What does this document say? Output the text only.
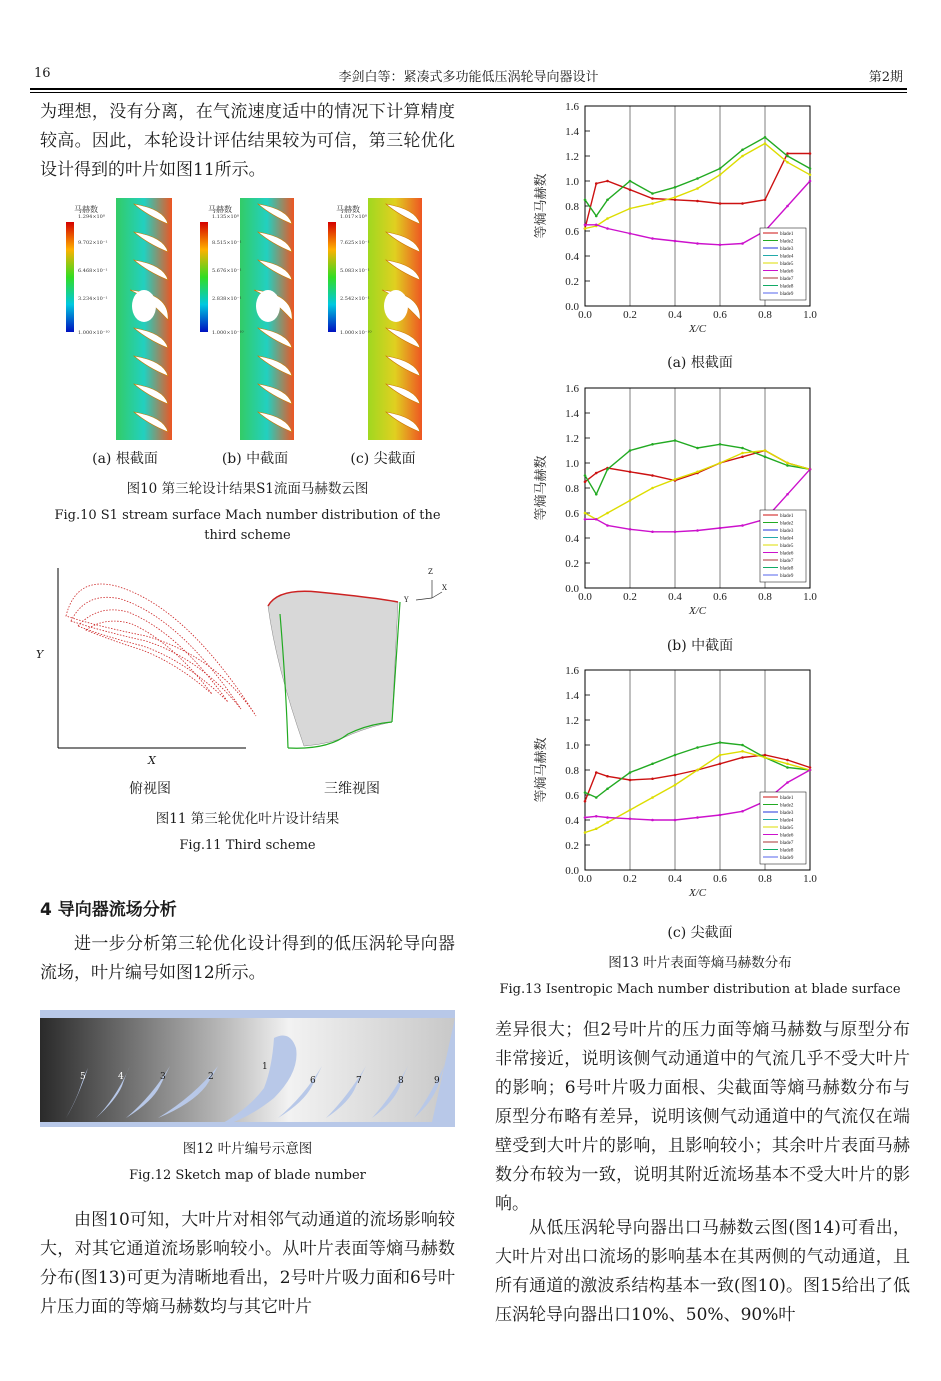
16	李剑白等：紧凑式多功能低压涡轮导向器设计	第2期
为理想，没有分离，在气流速度适中的情况下计算精度较高。因此，本轮设计评估结果较为可信，第三轮优化设计得到的叶片如图11所示。
马赫数
1.294×10⁰
9.702×10⁻¹
6.468×10⁻¹
3.234×10⁻¹
1.000×10⁻¹⁰
马赫数
1.135×10⁰
8.515×10⁻¹
5.676×10⁻¹
2.838×10⁻¹
1.000×10⁻¹⁰
马赫数
1.017×10⁰
7.625×10⁻¹
5.083×10⁻¹
2.542×10⁻¹
1.000×10⁻¹⁰
(a) 根截面	(b) 中截面	(c) 尖截面
图10 第三轮设计结果S1流面马赫数云图
Fig.10 S1 stream surface Mach number distribution of the third scheme
Y
X
Z
Y
X
俯视图	三维视图
图11 第三轮优化叶片设计结果
Fig.11 Third scheme
4 导向器流场分析
进一步分析第三轮优化设计得到的低压涡轮导向器流场，叶片编号如图12所示。
5	4	3	2
1
6	7	8	9
图12 叶片编号示意图
Fig.12 Sketch map of blade number
由图10可知，大叶片对相邻气动通道的流场影响较大，对其它通道流场影响较小。从叶片表面等熵马赫数分布(图13)可更为清晰地看出，2号叶片吸力面和6号叶片压力面的等熵马赫数均与其它叶片
0.0	0.2	0.4	0.6	0.8	1.0
0.0
0.2
0.4
0.6
0.8
1.0
1.2
1.4
1.6
等熵马赫数
X/C
blade1
blade2
blade3
blade4
blade5
blade6
blade7
blade8
blade9
0.0	0.2	0.4	0.6	0.8	1.0
0.0
0.2
0.4
0.6
0.8
1.0
1.2
1.4
1.6
等熵马赫数
X/C
blade1
blade2
blade3
blade4
blade5
blade6
blade7
blade8
blade9
0.0	0.2	0.4	0.6	0.8	1.0
0.0
0.2
0.4
0.6
0.8
1.0
1.2
1.4
1.6
等熵马赫数
X/C
blade1
blade2
blade3
blade4
blade5
blade6
blade7
blade8
blade9
(a) 根截面
(b) 中截面
(c) 尖截面
图13 叶片表面等熵马赫数分布
Fig.13 Isentropic Mach number distribution at blade surface
差异很大；但2号叶片的压力面等熵马赫数与原型分布非常接近，说明该侧气动通道中的气流几乎不受大叶片的影响；6号叶片吸力面根、尖截面等熵马赫数分布与原型分布略有差异，说明该侧气动通道中的气流仅在端壁受到大叶片的影响，且影响较小；其余叶片表面马赫数分布较为一致，说明其附近流场基本不受大叶片的影响。
从低压涡轮导向器出口马赫数云图(图14)可看出，大叶片对出口流场的影响基本在其两侧的气动通道，且所有通道的激波系结构基本一致(图10)。图15给出了低压涡轮导向器出口10%、50%、90%叶
